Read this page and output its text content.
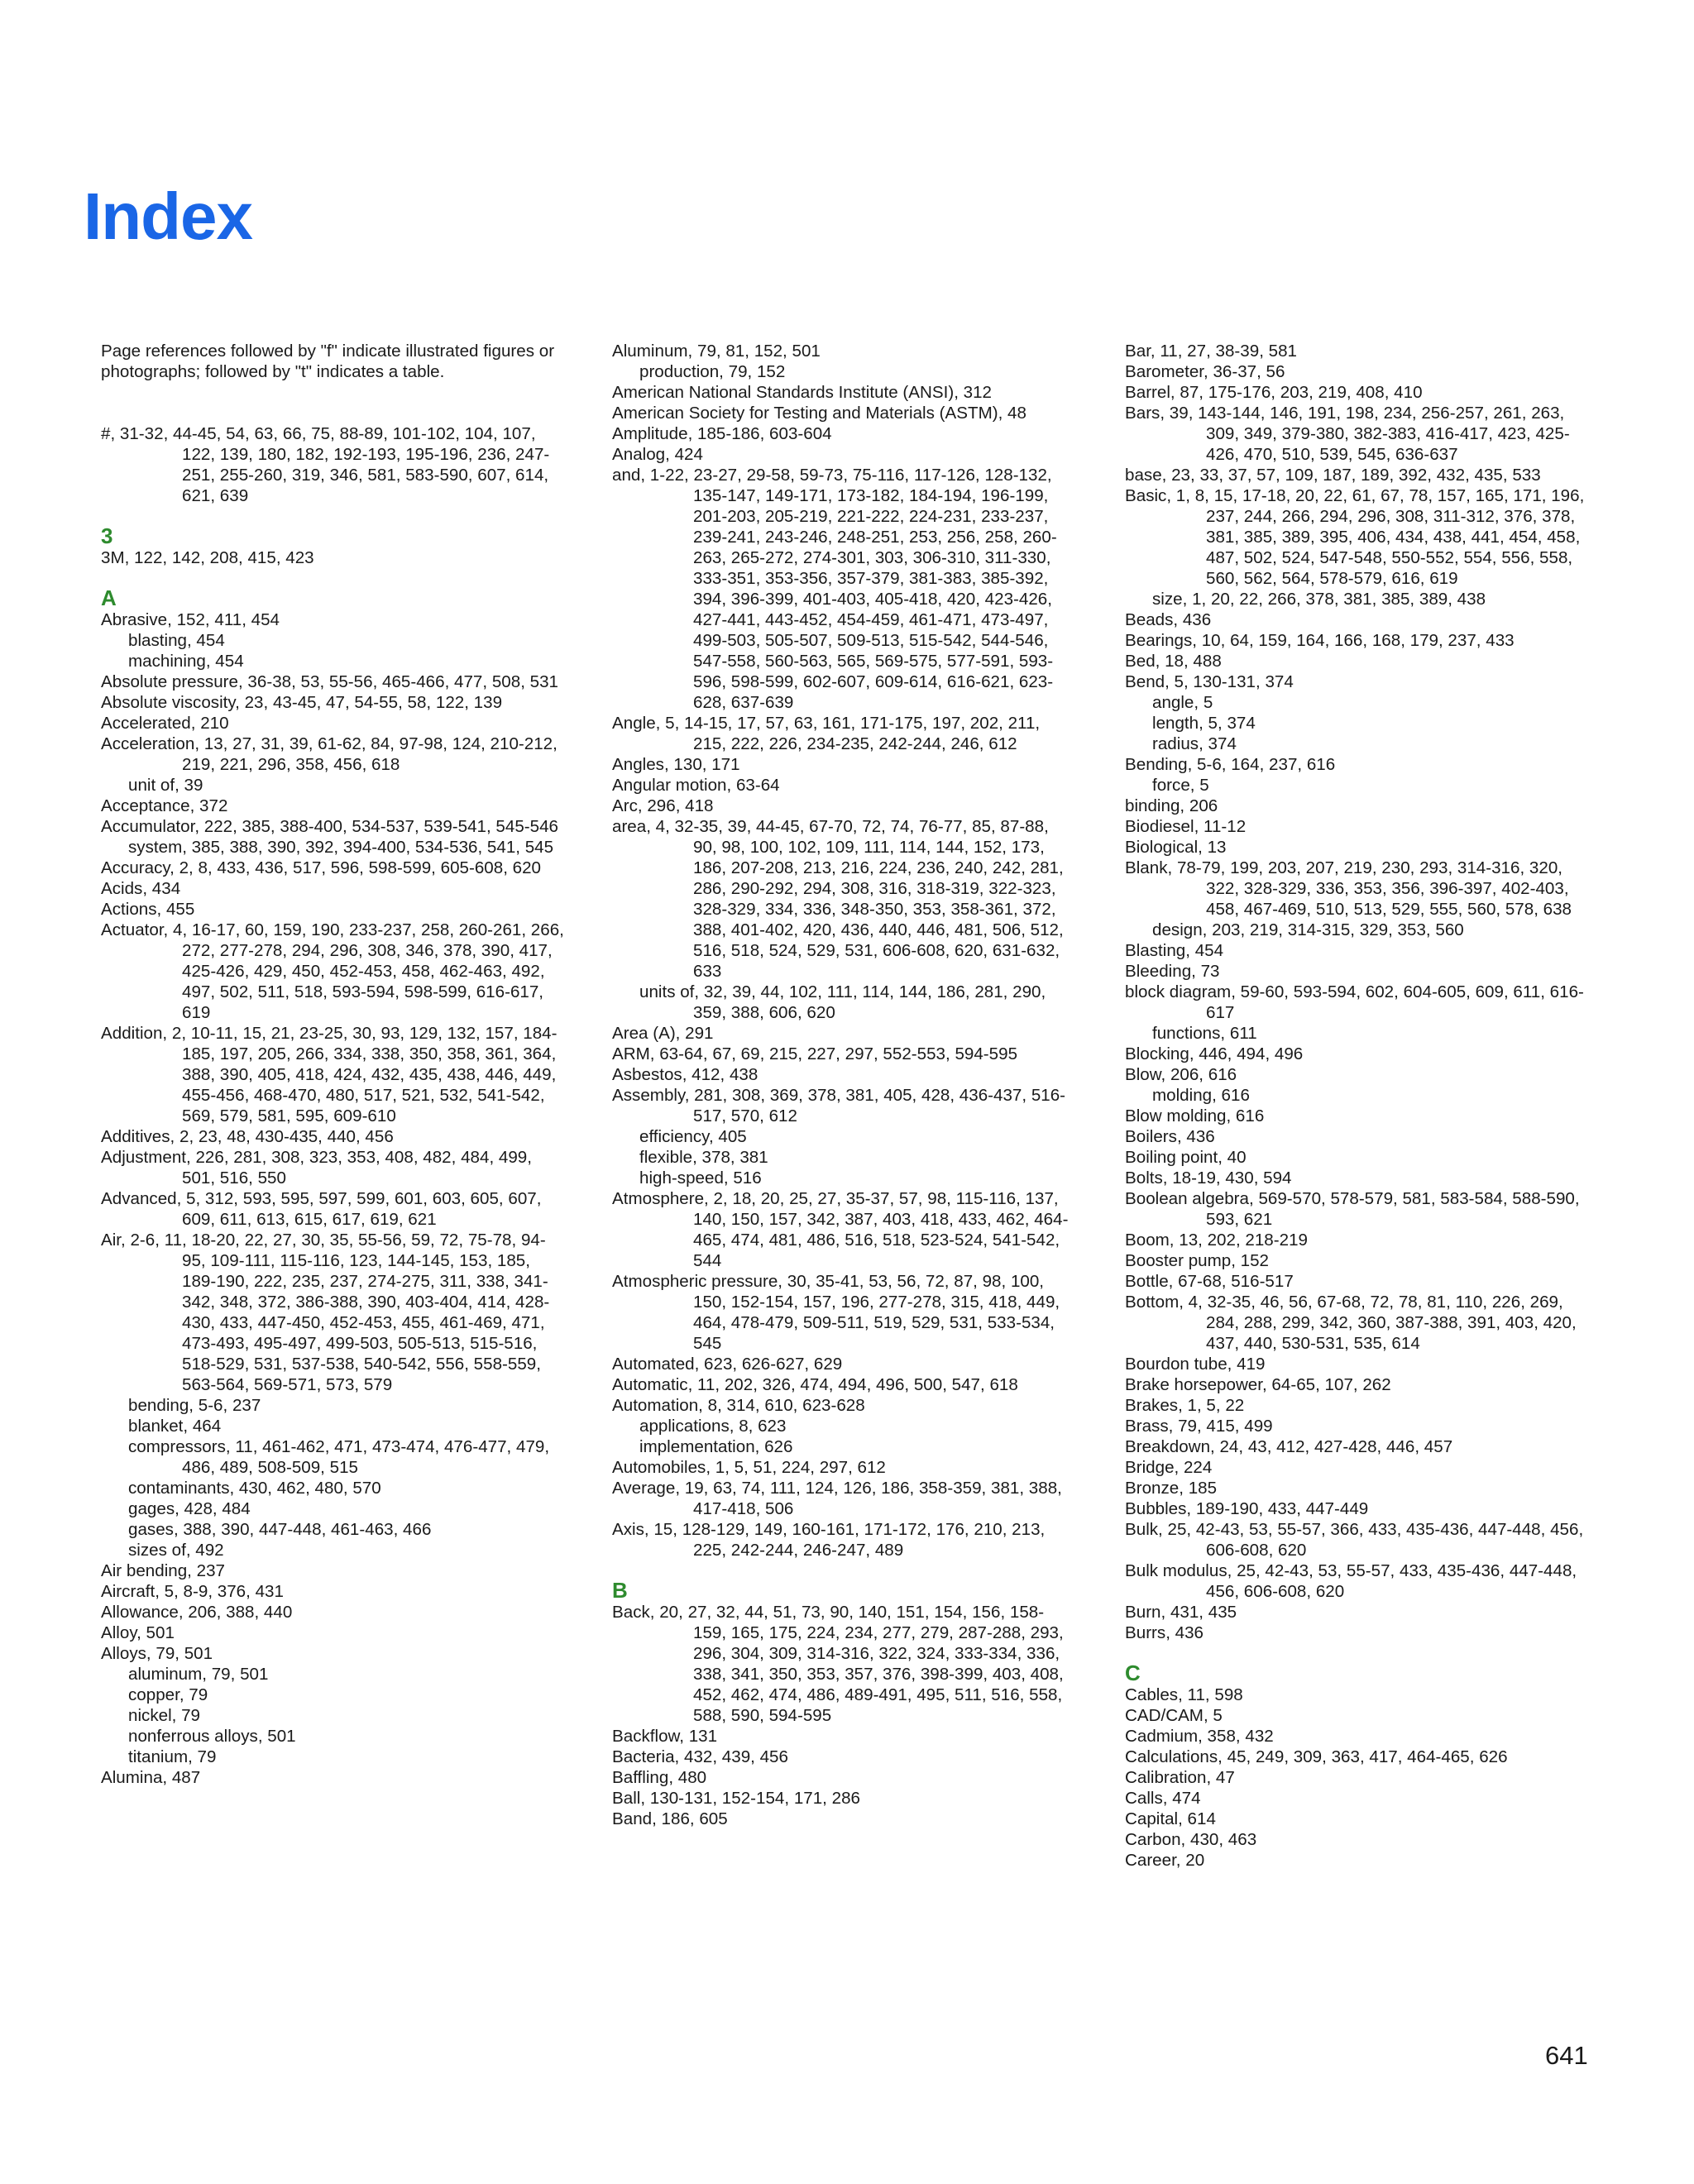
Index

Page references followed by "f" indicate illustrated figures or photographs; followed by "t" indicates a table.

#, 31-32, 44-45, 54, 63, 66, 75, 88-89, 101-102, 104, 107, 122, 139, 180, 182, 192-193, 195-196, 236, 247-251, 255-260, 319, 346, 581, 583-590, 607, 614, 621, 639

3

3M, 122, 142, 208, 415, 423

A

Abrasive, 152, 411, 454

blasting, 454

machining, 454

Absolute pressure, 36-38, 53, 55-56, 465-466, 477, 508, 531

Absolute viscosity, 23, 43-45, 47, 54-55, 58, 122, 139

Accelerated, 210

Acceleration, 13, 27, 31, 39, 61-62, 84, 97-98, 124, 210-212, 219, 221, 296, 358, 456, 618

unit of, 39

Acceptance, 372

Accumulator, 222, 385, 388-400, 534-537, 539-541, 545-546

system, 385, 388, 390, 392, 394-400, 534-536, 541, 545

Accuracy, 2, 8, 433, 436, 517, 596, 598-599, 605-608, 620

Acids, 434

Actions, 455

Actuator, 4, 16-17, 60, 159, 190, 233-237, 258, 260-261, 266, 272, 277-278, 294, 296, 308, 346, 378, 390, 417, 425-426, 429, 450, 452-453, 458, 462-463, 492, 497, 502, 511, 518, 593-594, 598-599, 616-617, 619

Addition, 2, 10-11, 15, 21, 23-25, 30, 93, 129, 132, 157, 184-185, 197, 205, 266, 334, 338, 350, 358, 361, 364, 388, 390, 405, 418, 424, 432, 435, 438, 446, 449, 455-456, 468-470, 480, 517, 521, 532, 541-542, 569, 579, 581, 595, 609-610

Additives, 2, 23, 48, 430-435, 440, 456

Adjustment, 226, 281, 308, 323, 353, 408, 482, 484, 499, 501, 516, 550

Advanced, 5, 312, 593, 595, 597, 599, 601, 603, 605, 607, 609, 611, 613, 615, 617, 619, 621

Air, 2-6, 11, 18-20, 22, 27, 30, 35, 55-56, 59, 72, 75-78, 94-95, 109-111, 115-116, 123, 144-145, 153, 185, 189-190, 222, 235, 237, 274-275, 311, 338, 341-342, 348, 372, 386-388, 390, 403-404, 414, 428-430, 433, 447-450, 452-453, 455, 461-469, 471, 473-493, 495-497, 499-503, 505-513, 515-516, 518-529, 531, 537-538, 540-542, 556, 558-559, 563-564, 569-571, 573, 579

bending, 5-6, 237

blanket, 464

compressors, 11, 461-462, 471, 473-474, 476-477, 479, 486, 489, 508-509, 515

contaminants, 430, 462, 480, 570

gages, 428, 484

gases, 388, 390, 447-448, 461-463, 466

sizes of, 492

Air bending, 237

Aircraft, 5, 8-9, 376, 431

Allowance, 206, 388, 440

Alloy, 501

Alloys, 79, 501

aluminum, 79, 501

copper, 79

nickel, 79

nonferrous alloys, 501

titanium, 79

Alumina, 487

Aluminum, 79, 81, 152, 501

production, 79, 152

American National Standards Institute (ANSI), 312

American Society for Testing and Materials (ASTM), 48

Amplitude, 185-186, 603-604

Analog, 424

and, 1-22, 23-27, 29-58, 59-73, 75-116, 117-126, 128-132, 135-147, 149-171, 173-182, 184-194, 196-199, 201-203, 205-219, 221-222, 224-231, 233-237, 239-241, 243-246, 248-251, 253, 256, 258, 260-263, 265-272, 274-301, 303, 306-310, 311-330, 333-351, 353-356, 357-379, 381-383, 385-392, 394, 396-399, 401-403, 405-418, 420, 423-426, 427-441, 443-452, 454-459, 461-471, 473-497, 499-503, 505-507, 509-513, 515-542, 544-546, 547-558, 560-563, 565, 569-575, 577-591, 593-596, 598-599, 602-607, 609-614, 616-621, 623-628, 637-639

Angle, 5, 14-15, 17, 57, 63, 161, 171-175, 197, 202, 211, 215, 222, 226, 234-235, 242-244, 246, 612

Angles, 130, 171

Angular motion, 63-64

Arc, 296, 418

area, 4, 32-35, 39, 44-45, 67-70, 72, 74, 76-77, 85, 87-88, 90, 98, 100, 102, 109, 111, 114, 144, 152, 173, 186, 207-208, 213, 216, 224, 236, 240, 242, 281, 286, 290-292, 294, 308, 316, 318-319, 322-323, 328-329, 334, 336, 348-350, 353, 358-361, 372, 388, 401-402, 420, 436, 440, 446, 481, 506, 512, 516, 518, 524, 529, 531, 606-608, 620, 631-632, 633

units of, 32, 39, 44, 102, 111, 114, 144, 186, 281, 290, 359, 388, 606, 620

Area (A), 291

ARM, 63-64, 67, 69, 215, 227, 297, 552-553, 594-595

Asbestos, 412, 438

Assembly, 281, 308, 369, 378, 381, 405, 428, 436-437, 516-517, 570, 612

efficiency, 405

flexible, 378, 381

high-speed, 516

Atmosphere, 2, 18, 20, 25, 27, 35-37, 57, 98, 115-116, 137, 140, 150, 157, 342, 387, 403, 418, 433, 462, 464-465, 474, 481, 486, 516, 518, 523-524, 541-542, 544

Atmospheric pressure, 30, 35-41, 53, 56, 72, 87, 98, 100, 150, 152-154, 157, 196, 277-278, 315, 418, 449, 464, 478-479, 509-511, 519, 529, 531, 533-534, 545

Automated, 623, 626-627, 629

Automatic, 11, 202, 326, 474, 494, 496, 500, 547, 618

Automation, 8, 314, 610, 623-628

applications, 8, 623

implementation, 626

Automobiles, 1, 5, 51, 224, 297, 612

Average, 19, 63, 74, 111, 124, 126, 186, 358-359, 381, 388, 417-418, 506

Axis, 15, 128-129, 149, 160-161, 171-172, 176, 210, 213, 225, 242-244, 246-247, 489

B

Back, 20, 27, 32, 44, 51, 73, 90, 140, 151, 154, 156, 158-159, 165, 175, 224, 234, 277, 279, 287-288, 293, 296, 304, 309, 314-316, 322, 324, 333-334, 336, 338, 341, 350, 353, 357, 376, 398-399, 403, 408, 452, 462, 474, 486, 489-491, 495, 511, 516, 558, 588, 590, 594-595

Backflow, 131

Bacteria, 432, 439, 456

Baffling, 480

Ball, 130-131, 152-154, 171, 286

Band, 186, 605

Bar, 11, 27, 38-39, 581

Barometer, 36-37, 56

Barrel, 87, 175-176, 203, 219, 408, 410

Bars, 39, 143-144, 146, 191, 198, 234, 256-257, 261, 263, 309, 349, 379-380, 382-383, 416-417, 423, 425-426, 470, 510, 539, 545, 636-637

base, 23, 33, 37, 57, 109, 187, 189, 392, 432, 435, 533

Basic, 1, 8, 15, 17-18, 20, 22, 61, 67, 78, 157, 165, 171, 196, 237, 244, 266, 294, 296, 308, 311-312, 376, 378, 381, 385, 389, 395, 406, 434, 438, 441, 454, 458, 487, 502, 524, 547-548, 550-552, 554, 556, 558, 560, 562, 564, 578-579, 616, 619

size, 1, 20, 22, 266, 378, 381, 385, 389, 438

Beads, 436

Bearings, 10, 64, 159, 164, 166, 168, 179, 237, 433

Bed, 18, 488

Bend, 5, 130-131, 374

angle, 5

length, 5, 374

radius, 374

Bending, 5-6, 164, 237, 616

force, 5

binding, 206

Biodiesel, 11-12

Biological, 13

Blank, 78-79, 199, 203, 207, 219, 230, 293, 314-316, 320, 322, 328-329, 336, 353, 356, 396-397, 402-403, 458, 467-469, 510, 513, 529, 555, 560, 578, 638

design, 203, 219, 314-315, 329, 353, 560

Blasting, 454

Bleeding, 73

block diagram, 59-60, 593-594, 602, 604-605, 609, 611, 616-617

functions, 611

Blocking, 446, 494, 496

Blow, 206, 616

molding, 616

Blow molding, 616

Boilers, 436

Boiling point, 40

Bolts, 18-19, 430, 594

Boolean algebra, 569-570, 578-579, 581, 583-584, 588-590, 593, 621

Boom, 13, 202, 218-219

Booster pump, 152

Bottle, 67-68, 516-517

Bottom, 4, 32-35, 46, 56, 67-68, 72, 78, 81, 110, 226, 269, 284, 288, 299, 342, 360, 387-388, 391, 403, 420, 437, 440, 530-531, 535, 614

Bourdon tube, 419

Brake horsepower, 64-65, 107, 262

Brakes, 1, 5, 22

Brass, 79, 415, 499

Breakdown, 24, 43, 412, 427-428, 446, 457

Bridge, 224

Bronze, 185

Bubbles, 189-190, 433, 447-449

Bulk, 25, 42-43, 53, 55-57, 366, 433, 435-436, 447-448, 456, 606-608, 620

Bulk modulus, 25, 42-43, 53, 55-57, 433, 435-436, 447-448, 456, 606-608, 620

Burn, 431, 435

Burrs, 436

C

Cables, 11, 598

CAD/CAM, 5

Cadmium, 358, 432

Calculations, 45, 249, 309, 363, 417, 464-465, 626

Calibration, 47

Calls, 474

Capital, 614

Carbon, 430, 463

Career, 20

641
